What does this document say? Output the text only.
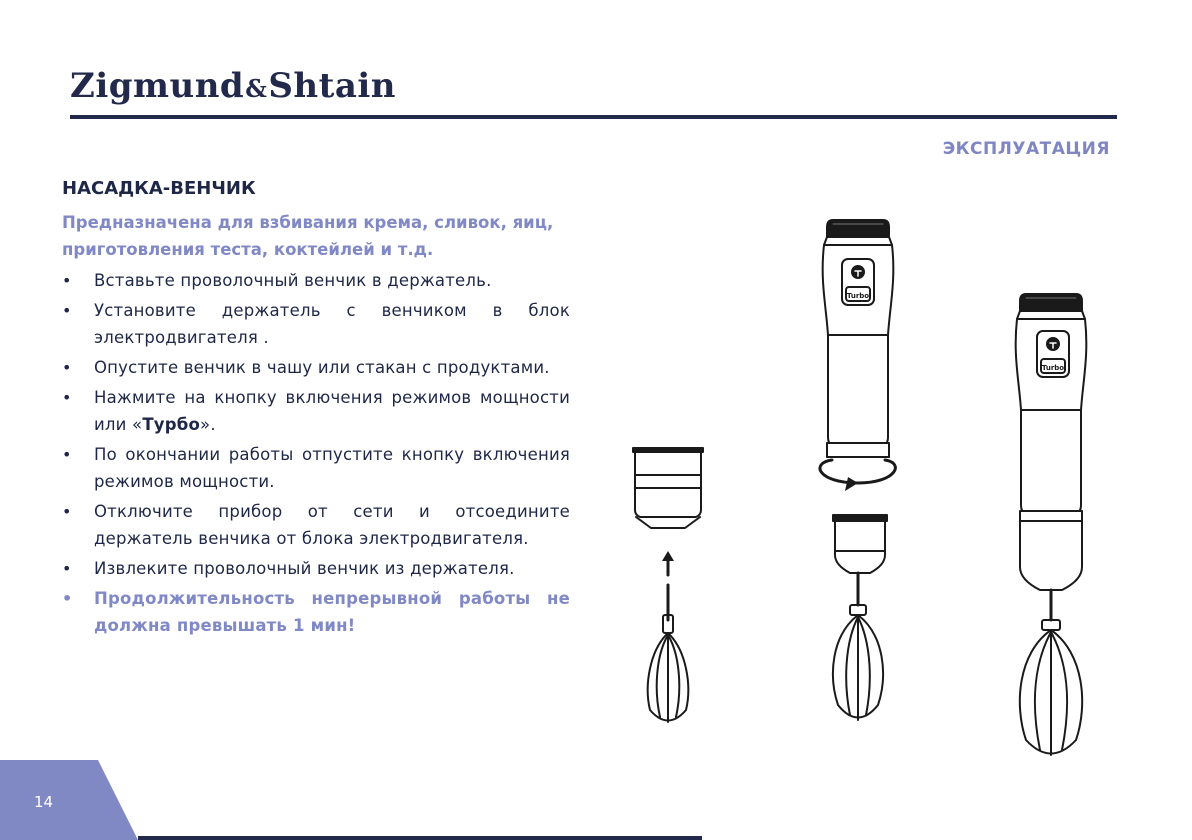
Zigmund&Shtain
ЭКСПЛУАТАЦИЯ
НАСАДКА-ВЕНЧИК
Предназначена для взбивания крема, сливок, яиц, приготовления теста, коктейлей и т.д.
• Вставьте проволочный венчик в держатель.
• Установите держатель с венчиком в блок электродвигателя .
• Опустите венчик в чашу или стакан с продуктами.
• Нажмите на кнопку включения режимов мощности или «Турбо».
• По окончании работы отпустите кнопку включения режимов мощности.
• Отключите прибор от сети и отсоедините держатель венчика от блока электродвигателя.
• Извлеките проволочный венчик из держателя.
• Продолжительность непрерывной работы не должна превышать 1 мин!
Turbo
Turbo
14
